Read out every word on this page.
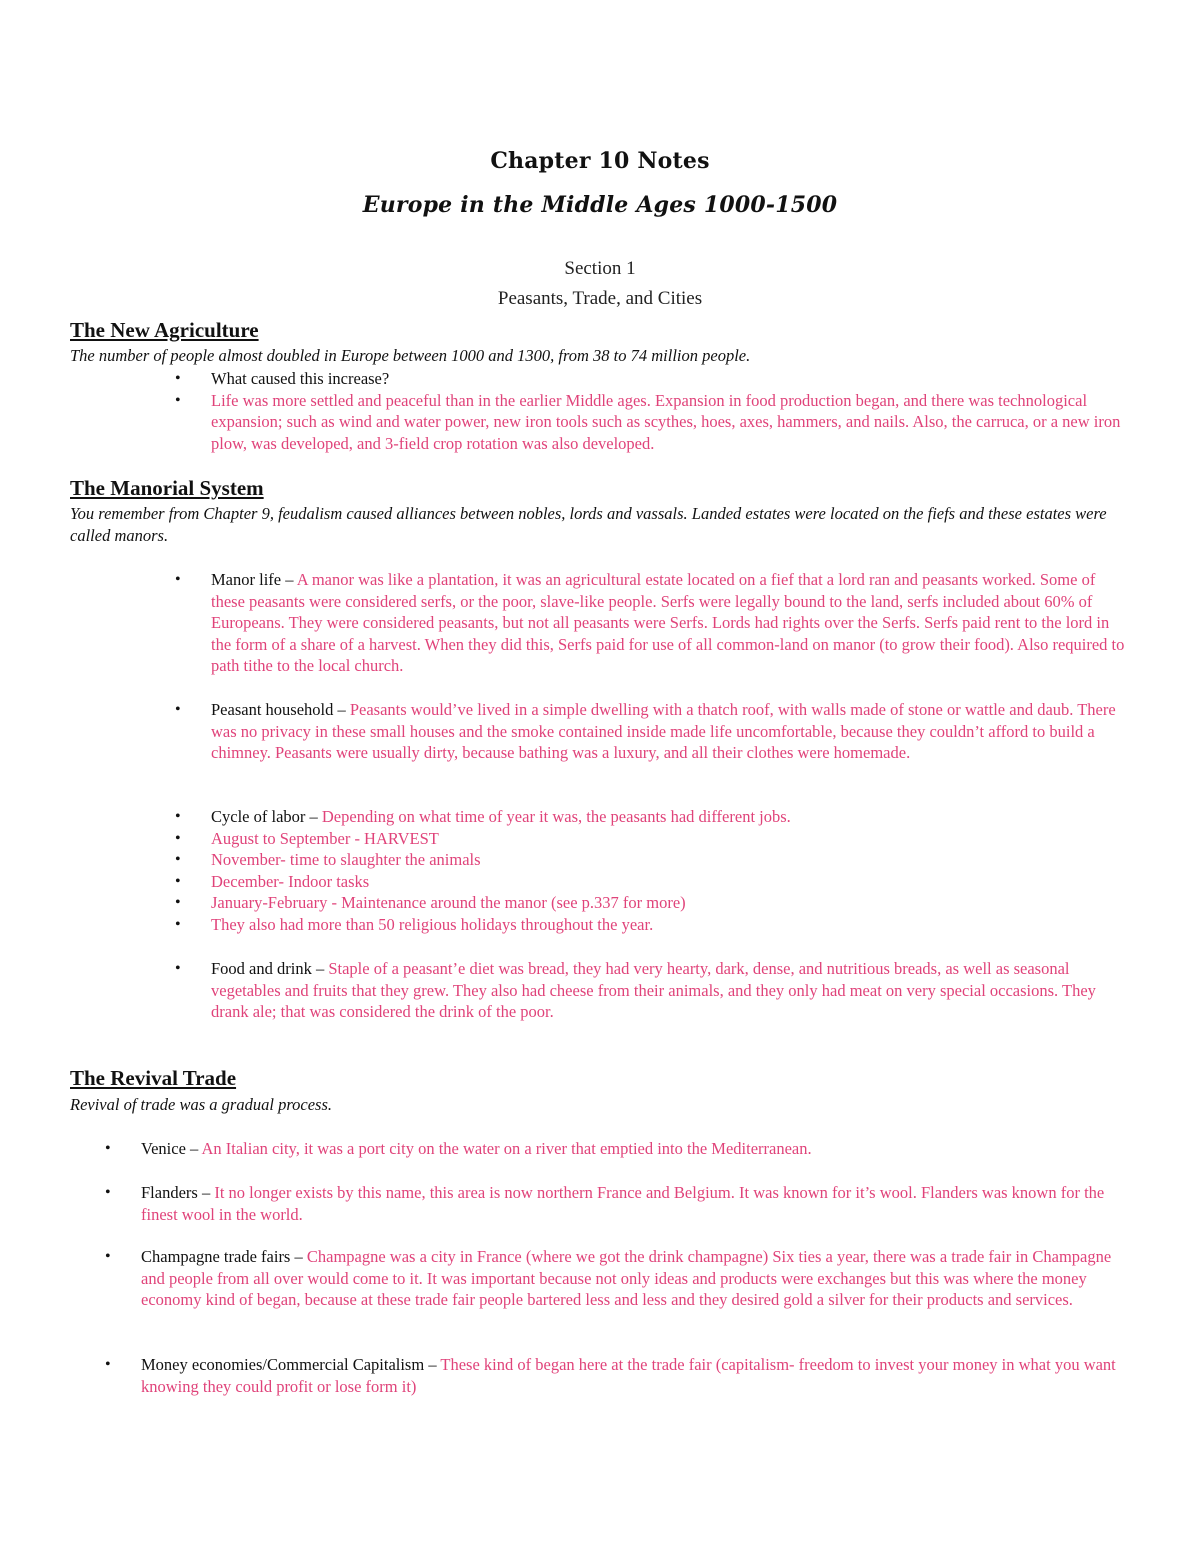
Chapter 10 Notes
Europe in the Middle Ages 1000-1500
Section 1
Peasants, Trade, and Cities
The New Agriculture
The number of people almost doubled in Europe between 1000 and 1300, from 38 to 74 million people.
• What caused this increase?
• Life was more settled and peaceful than in the earlier Middle ages. Expansion in food production began, and there was technological expansion; such as wind and water power, new iron tools such as scythes, hoes, axes, hammers, and nails. Also, the carruca, or a new iron plow, was developed, and 3-field crop rotation was also developed.
The Manorial System
You remember from Chapter 9, feudalism caused alliances between nobles, lords and vassals. Landed estates were located on the fiefs and these estates were called manors.
• Manor life – A manor was like a plantation, it was an agricultural estate located on a fief that a lord ran and peasants worked. Some of these peasants were considered serfs, or the poor, slave-like people. Serfs were legally bound to the land, serfs included about 60% of Europeans. They were considered peasants, but not all peasants were Serfs. Lords had rights over the Serfs. Serfs paid rent to the lord in the form of a share of a harvest. When they did this, Serfs paid for use of all common-land on manor (to grow their food). Also required to path tithe to the local church.
• Peasant household – Peasants would’ve lived in a simple dwelling with a thatch roof, with walls made of stone or wattle and daub. There was no privacy in these small houses and the smoke contained inside made life uncomfortable, because they couldn’t afford to build a chimney. Peasants were usually dirty, because bathing was a luxury, and all their clothes were homemade.
• Cycle of labor – Depending on what time of year it was, the peasants had different jobs.
• August to September - HARVEST
• November- time to slaughter the animals
• December- Indoor tasks
• January-February - Maintenance around the manor (see p.337 for more)
• They also had more than 50 religious holidays throughout the year.
• Food and drink – Staple of a peasant’e diet was bread, they had very hearty, dark, dense, and nutritious breads, as well as seasonal vegetables and fruits that they grew. They also had cheese from their animals, and they only had meat on very special occasions. They drank ale; that was considered the drink of the poor.
The Revival Trade
Revival of trade was a gradual process.
• Venice – An Italian city, it was a port city on the water on a river that emptied into the Mediterranean.
• Flanders – It no longer exists by this name, this area is now northern France and Belgium. It was known for it’s wool. Flanders was known for the finest wool in the world.
• Champagne trade fairs – Champagne was a city in France (where we got the drink champagne) Six ties a year, there was a trade fair in Champagne and people from all over would come to it. It was important because not only ideas and products were exchanges but this was where the money economy kind of began, because at these trade fair people bartered less and less and they desired gold a silver for their products and services.
• Money economies/Commercial Capitalism – These kind of began here at the trade fair (capitalism- freedom to invest your money in what you want knowing they could profit or lose form it)
